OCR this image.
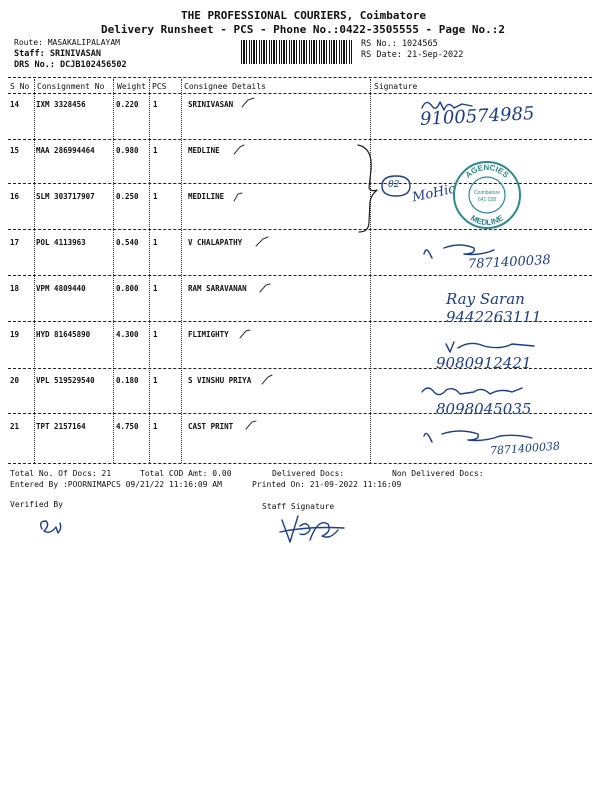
THE PROFESSIONAL COURIERS, Coimbatore
Delivery Runsheet - PCS - Phone No.:0422-3505555 - Page No.:2
Route: MASAKALIPALAYAM
Staff: SRINIVASAN
DRS No.: DCJB102456502
RS No.: 1024565
RS Date: 21-Sep-2022
S No Consignment No Weight PCS Consignee Details	Signature
14 IXM 3328456	0.220 1	SRINIVASAN
15 MAA 286994464	0.980 1	MEDLINE
16 SLM 303717907	0.250 1	MEDILINE
17 POL 4113963	0.540 1	V CHALAPATHY
18 VPM 4809440	0.800 1	RAM SARAVANAN
19 HYD 81645890	4.300 1	FLIMIGHTY
20 VPL 519529540	0.180 1	S VINSHU PRIYA
21 TPT 2157164	4.750 1	CAST PRINT
9100574985
02 MoHio
AGENCIES
MEDLINE
Coimbatore
641 028
7871400038
Ray Saran
9442263111
9080912421
8098045035
7871400038
Total No. Of Docs: 21	Total COD Amt: 0.00	Delivered Docs:	Non Delivered Docs:
Entered By :POORNIMAPCS 09/21/22 11:16:09 AM	Printed On: 21-09-2022 11:16:09
Verified By	Staff Signature
